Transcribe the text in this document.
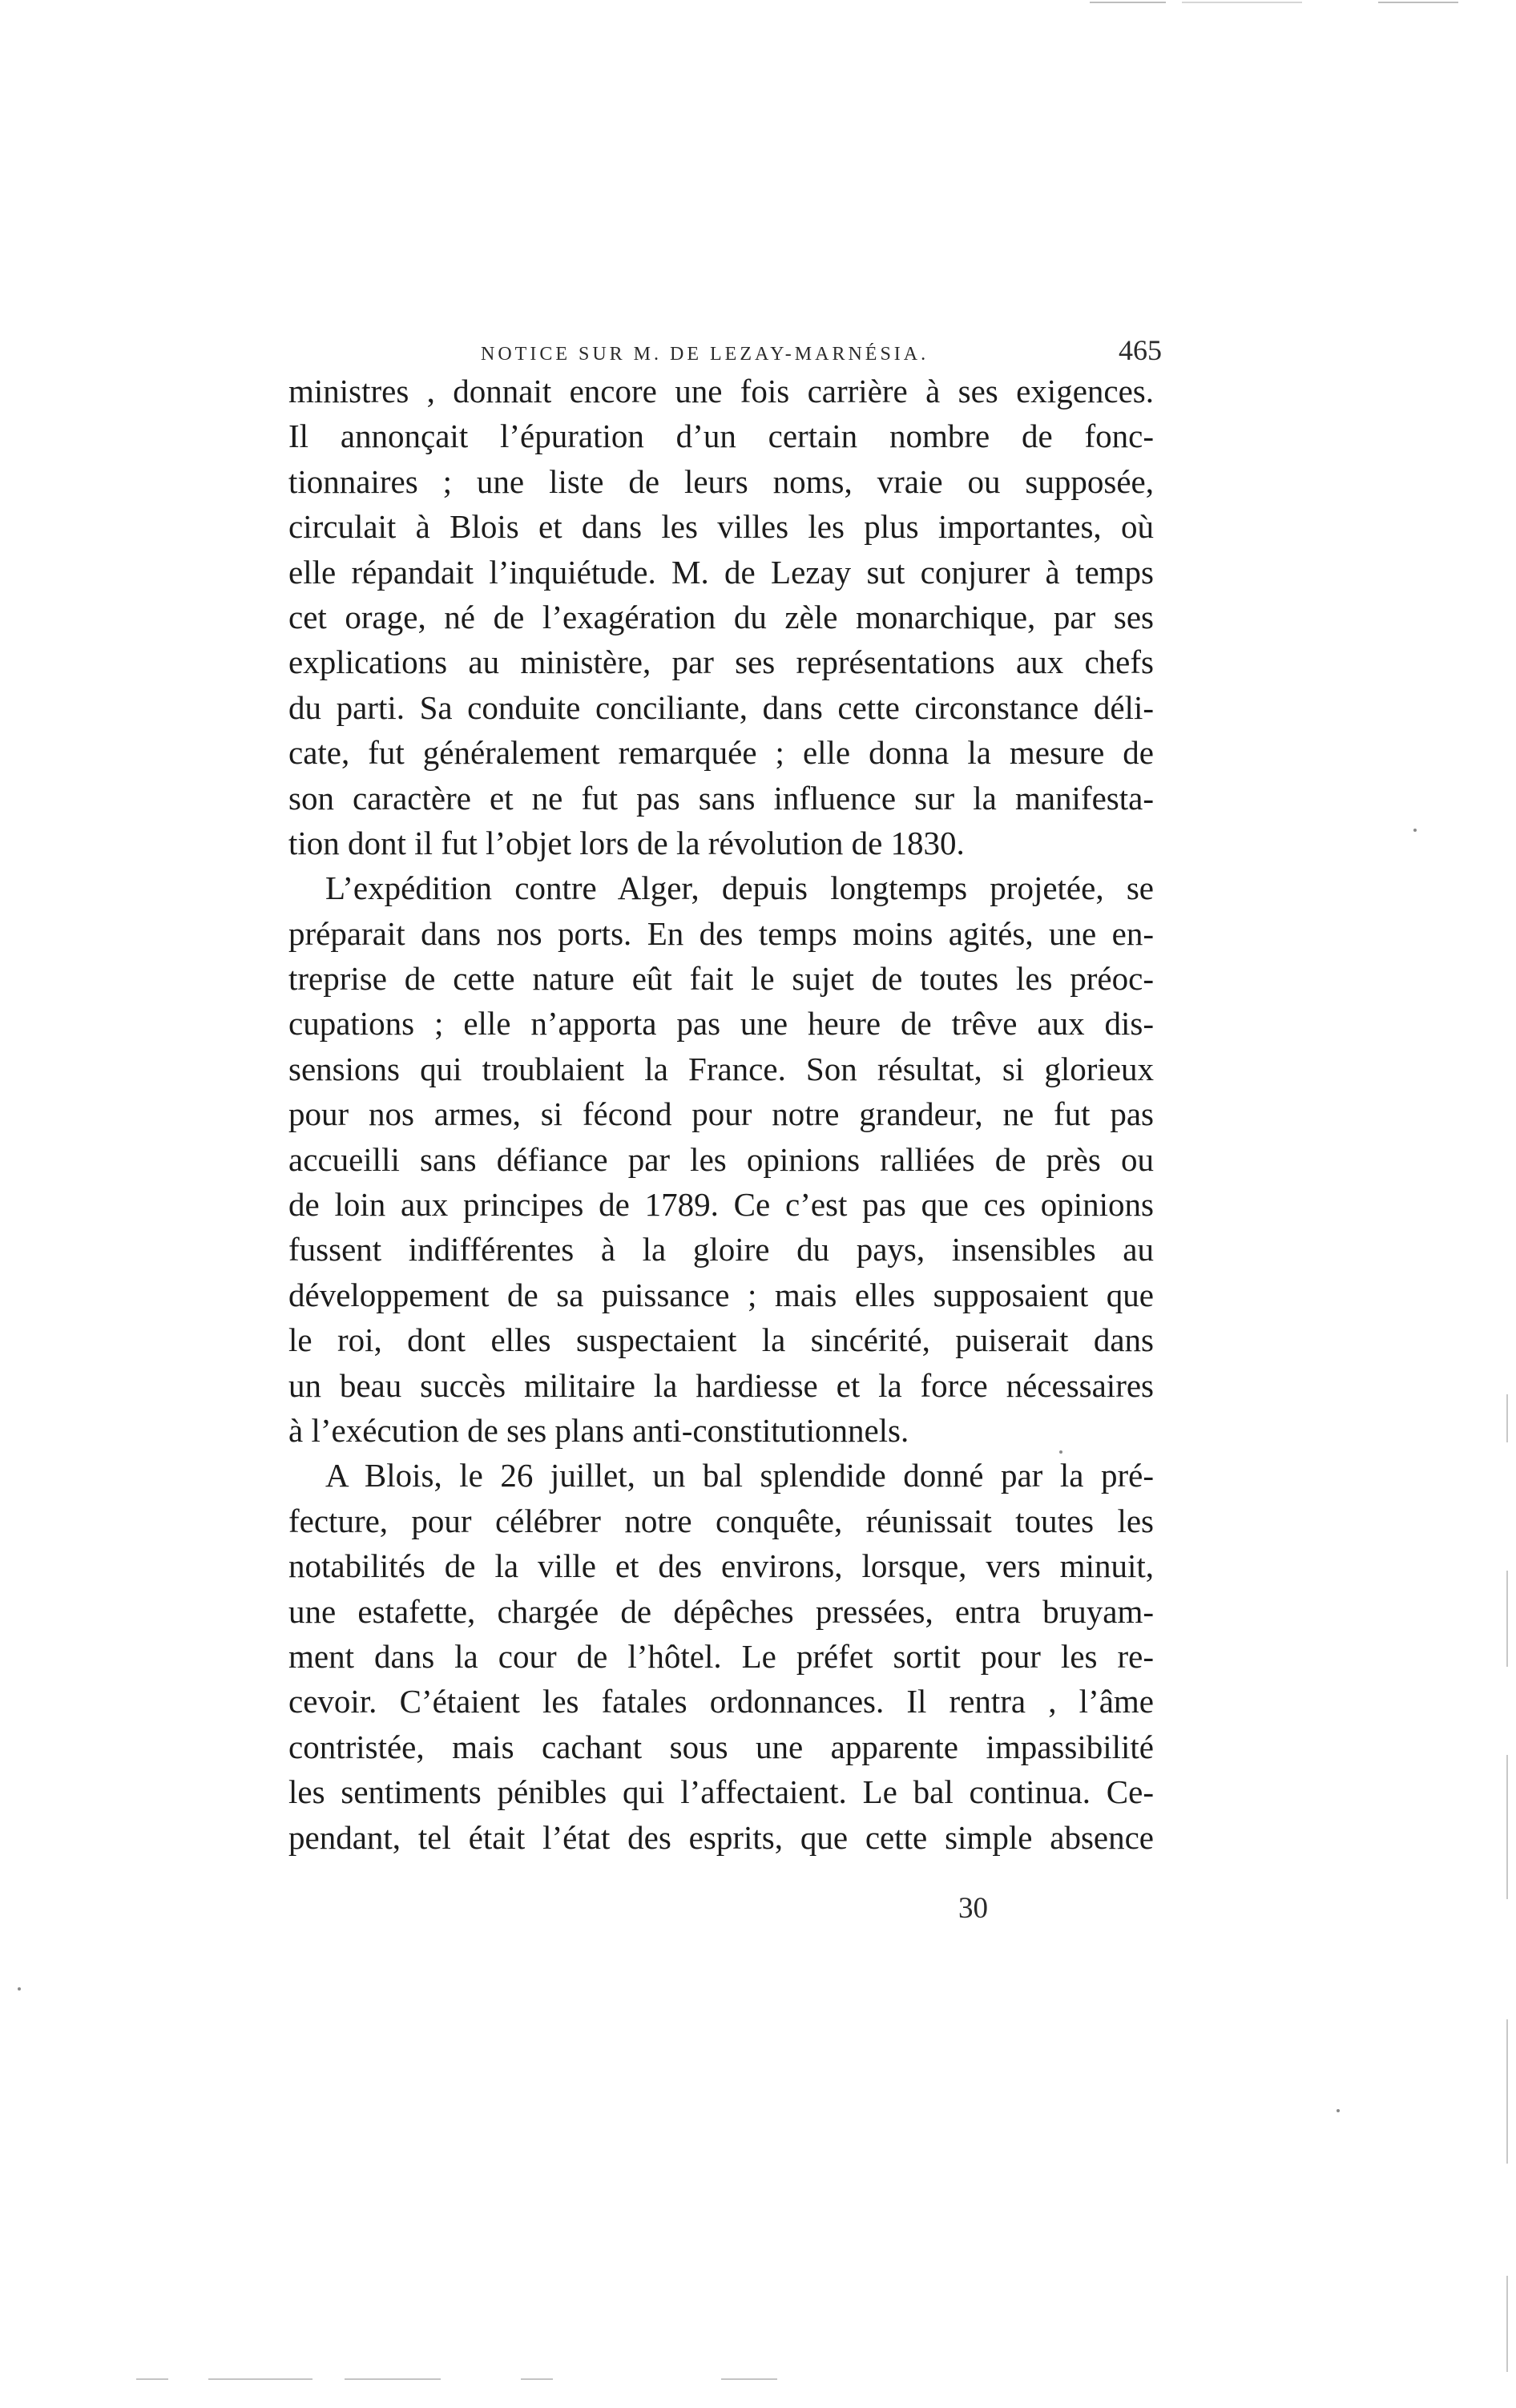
NOTICE SUR M. DE LEZAY-MARNÉSIA.	465
ministres , donnait encore une fois carrière à ses exigences.
Il annonçait l’épuration d’un certain nombre de fonc-
tionnaires ; une liste de leurs noms, vraie ou supposée,
circulait à Blois et dans les villes les plus importantes, où
elle répandait l’inquiétude. M. de Lezay sut conjurer à temps
cet orage, né de l’exagération du zèle monarchique, par ses
explications au ministère, par ses représentations aux chefs
du parti. Sa conduite conciliante, dans cette circonstance déli-
cate, fut généralement remarquée ; elle donna la mesure de
son caractère et ne fut pas sans influence sur la manifesta-
tion dont il fut l’objet lors de la révolution de 1830.
L’expédition contre Alger, depuis longtemps projetée, se
préparait dans nos ports. En des temps moins agités, une en-
treprise de cette nature eût fait le sujet de toutes les préoc-
cupations ; elle n’apporta pas une heure de trêve aux dis-
sensions qui troublaient la France. Son résultat, si glorieux
pour nos armes, si fécond pour notre grandeur, ne fut pas
accueilli sans défiance par les opinions ralliées de près ou
de loin aux principes de 1789. Ce c’est pas que ces opinions
fussent indifférentes à la gloire du pays, insensibles au
développement de sa puissance ; mais elles supposaient que
le roi, dont elles suspectaient la sincérité, puiserait dans
un beau succès militaire la hardiesse et la force nécessaires
à l’exécution de ses plans anti-constitutionnels.
A Blois, le 26 juillet, un bal splendide donné par la pré-
fecture, pour célébrer notre conquête, réunissait toutes les
notabilités de la ville et des environs, lorsque, vers minuit,
une estafette, chargée de dépêches pressées, entra bruyam-
ment dans la cour de l’hôtel. Le préfet sortit pour les re-
cevoir. C’étaient les fatales ordonnances. Il rentra , l’âme
contristée, mais cachant sous une apparente impassibilité
les sentiments pénibles qui l’affectaient. Le bal continua. Ce-
pendant, tel était l’état des esprits, que cette simple absence
30
